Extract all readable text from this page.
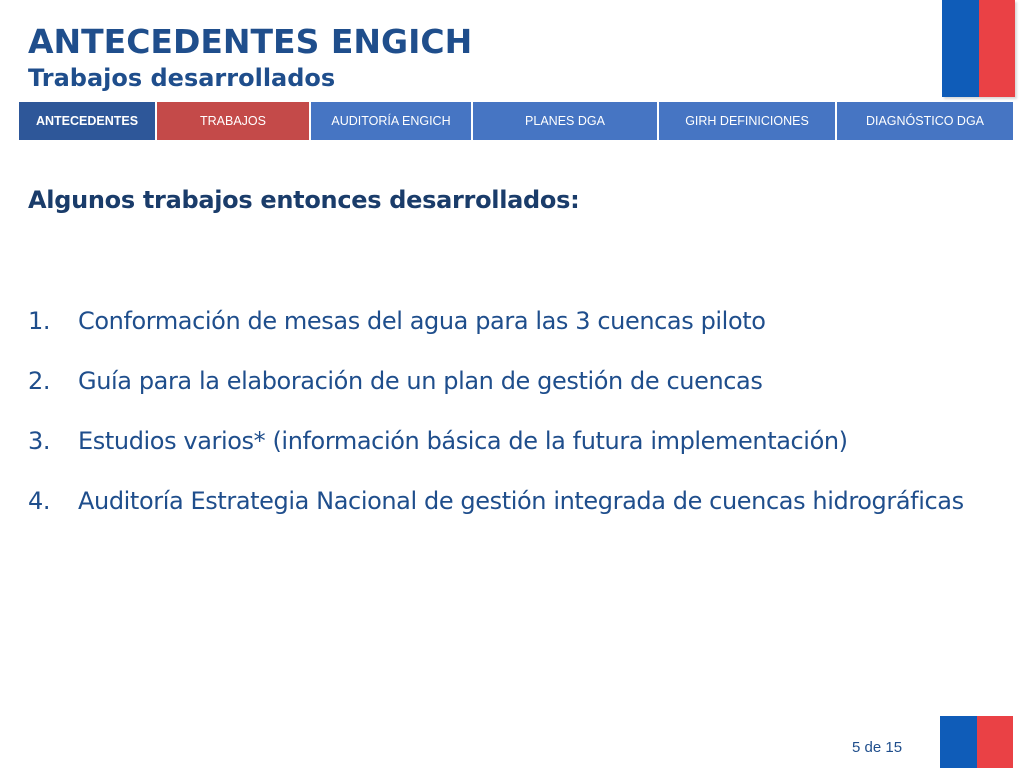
ANTECEDENTES ENGICH
Trabajos desarrollados
ANTECEDENTES	TRABAJOS	AUDITORÍA ENGICH	PLANES DGA	GIRH DEFINICIONES	DIAGNÓSTICO DGA
Algunos trabajos entonces desarrollados:
1.	Conformación de mesas del agua para las 3 cuencas piloto
2.	Guía para la elaboración de un plan de gestión de cuencas
3.	Estudios varios* (información básica de la futura implementación)
4.	Auditoría Estrategia Nacional de gestión integrada de cuencas hidrográficas
5 de 15
